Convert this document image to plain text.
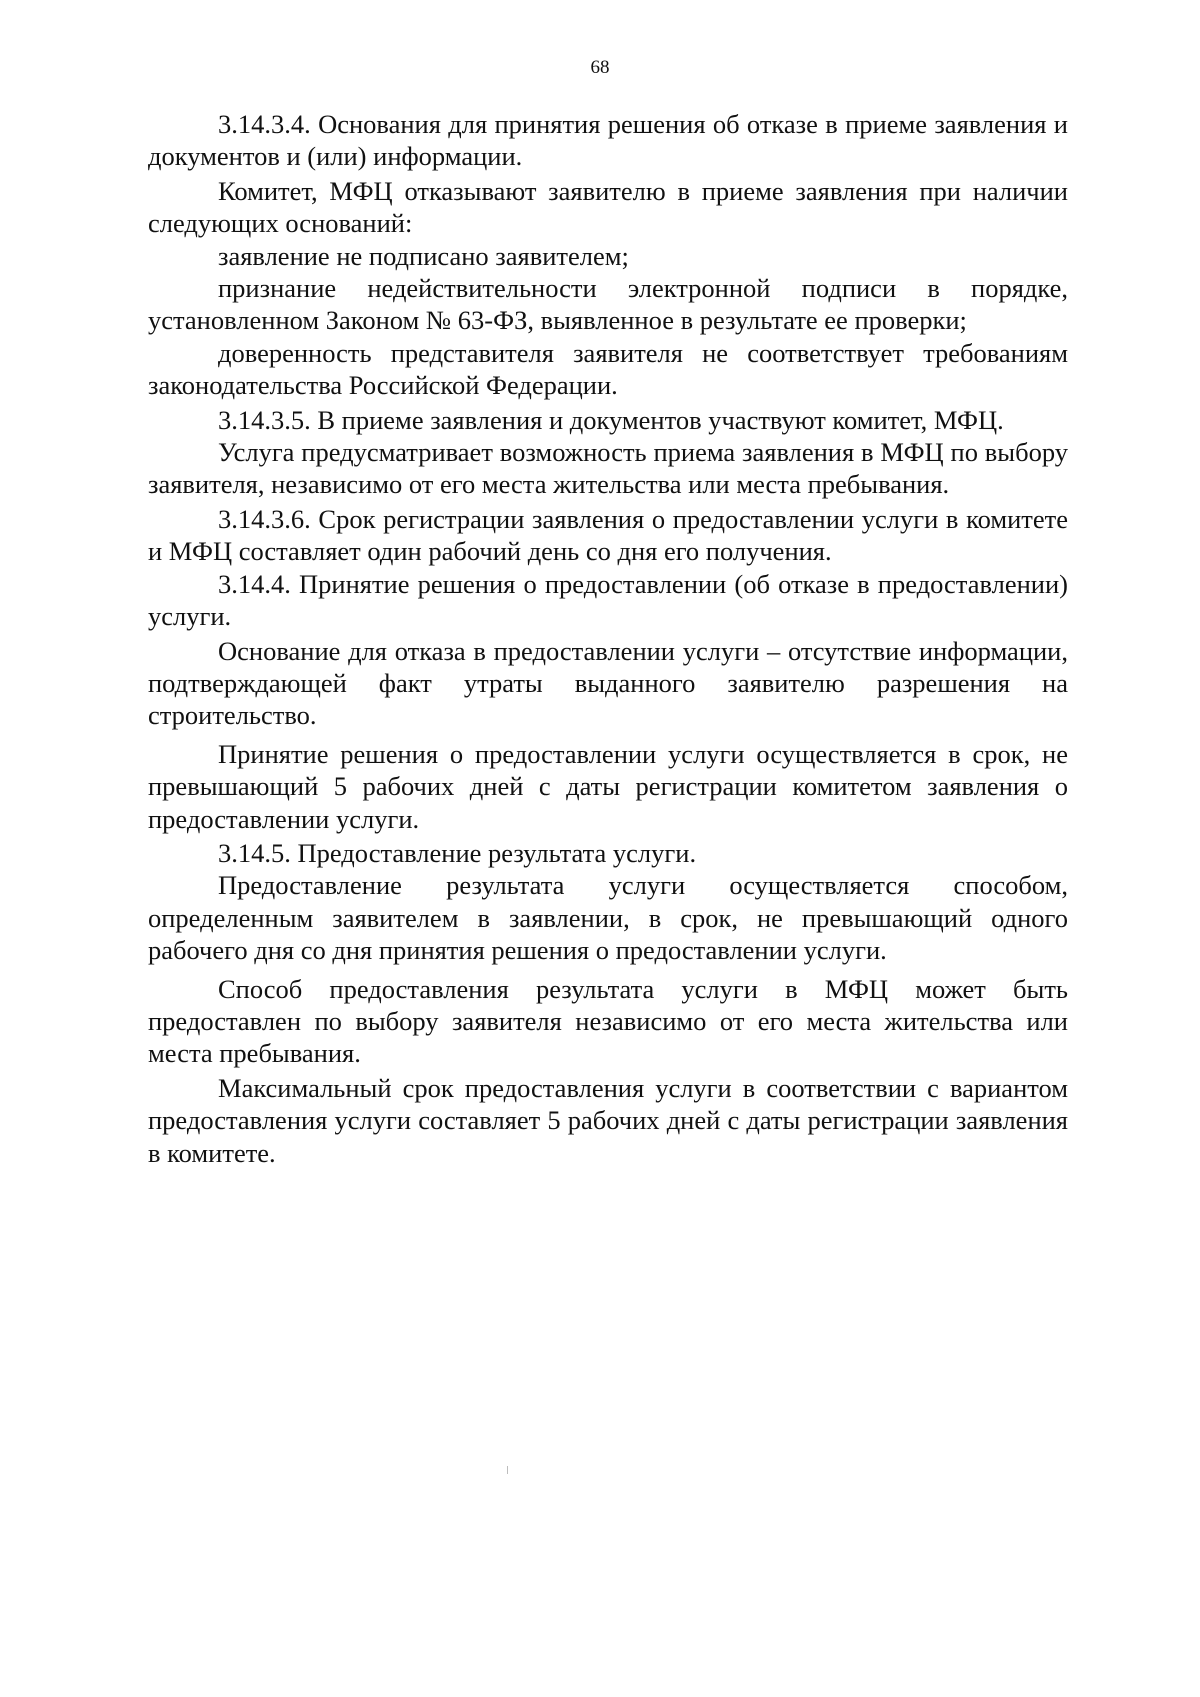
68

3.14.3.4. Основания для принятия решения об отказе в приеме заявления и документов и (или) информации.

Комитет, МФЦ отказывают заявителю в приеме заявления при наличии следующих оснований:

заявление не подписано заявителем;

признание недействительности электронной подписи в порядке, установленном Законом № 63-ФЗ, выявленное в результате ее проверки;

доверенность представителя заявителя не соответствует требованиям законодательства Российской Федерации.

3.14.3.5. В приеме заявления и документов участвуют комитет, МФЦ.

Услуга предусматривает возможность приема заявления в МФЦ по выбору заявителя, независимо от его места жительства или места пребывания.

3.14.3.6. Срок регистрации заявления о предоставлении услуги в комитете и МФЦ составляет один рабочий день со дня его получения.

3.14.4. Принятие решения о предоставлении (об отказе в предоставлении) услуги.

Основание для отказа в предоставлении услуги – отсутствие информации, подтверждающей факт утраты выданного заявителю разрешения на строительство.

Принятие решения о предоставлении услуги осуществляется в срок, не превышающий 5 рабочих дней с даты регистрации комитетом заявления о предоставлении услуги.

3.14.5. Предоставление результата услуги.

Предоставление результата услуги осуществляется способом, определенным заявителем в заявлении, в срок, не превышающий одного рабочего дня со дня принятия решения о предоставлении услуги.

Способ предоставления результата услуги в МФЦ может быть предоставлен по выбору заявителя независимо от его места жительства или места пребывания.

Максимальный срок предоставления услуги в соответствии с вариантом предоставления услуги составляет 5 рабочих дней с даты регистрации заявления в комитете.
